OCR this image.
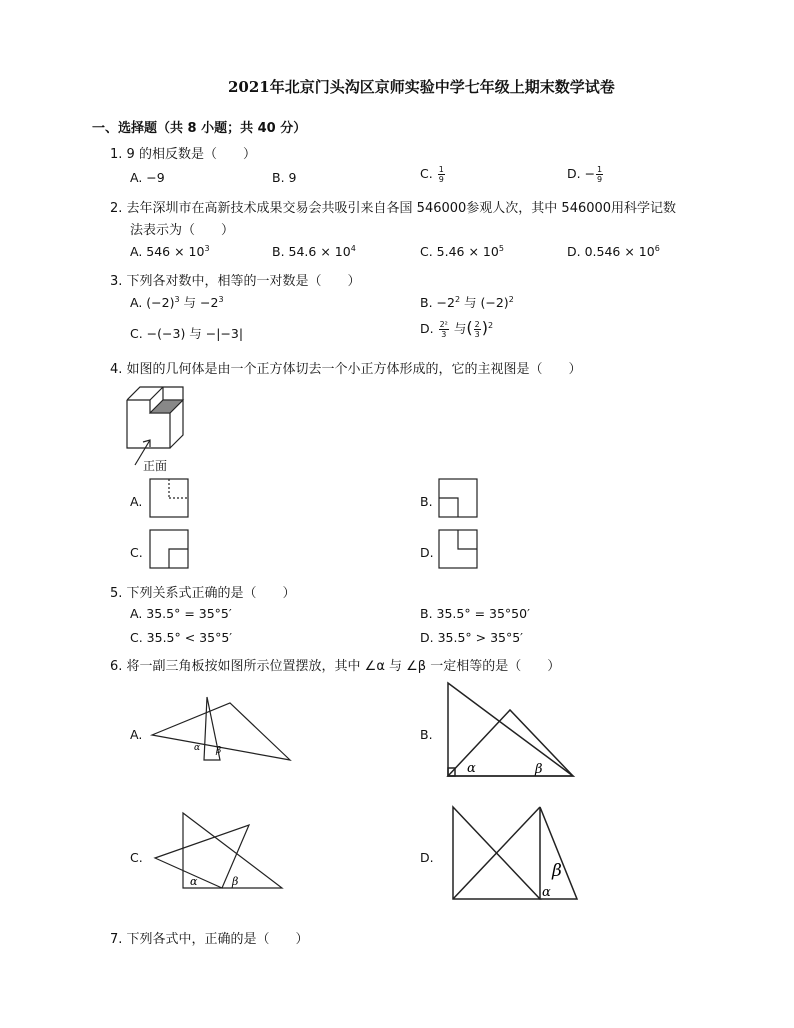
2021年北京门头沟区京师实验中学七年级上期末数学试卷
一、选择题（共 8 小题；共 40 分）
1. 9 的相反数是（　　）
A. −9	B. 9	C. $\frac{1}{9}$	D. − $\frac{1}{9}$
2. 去年深圳市在高新技术成果交易会共吸引来自各国 546000参观人次，其中 546000用科学记数
法表示为（　　）
A. $546 \times 10^3$	B. $54.6 \times 10^4$	C. $5.46 \times 10^5$	D. $0.546 \times 10^6$
3. 下列各对数中，相等的一对数是（　　）
A. $(-2)^3$ 与 $-2^3$	B. $-2^2$ 与 $(-2)^2$
C. −(−3) 与 −|−3|	D. $\frac{\text{2²}}{3}$ 与( $\frac{2}{3} )^2$
4. 如图的几何体是由一个正方体切去一个小正方体形成的，它的主视图是（　　）
正面
A.	B.
C.	D.
5. 下列关系式正确的是（　　）
A. 35.5° = 35°5′	B. 35.5° = 35°50′
C. 35.5° < 35°5′	D. 35.5° > 35°5′
6. 将一副三角板按如图所示位置摆放，其中 ∠α 与 ∠β 一定相等的是（　　）
A.
α β
B.
α	β
C.
α	β
D.
α
β
7. 下列各式中，正确的是（　　）
